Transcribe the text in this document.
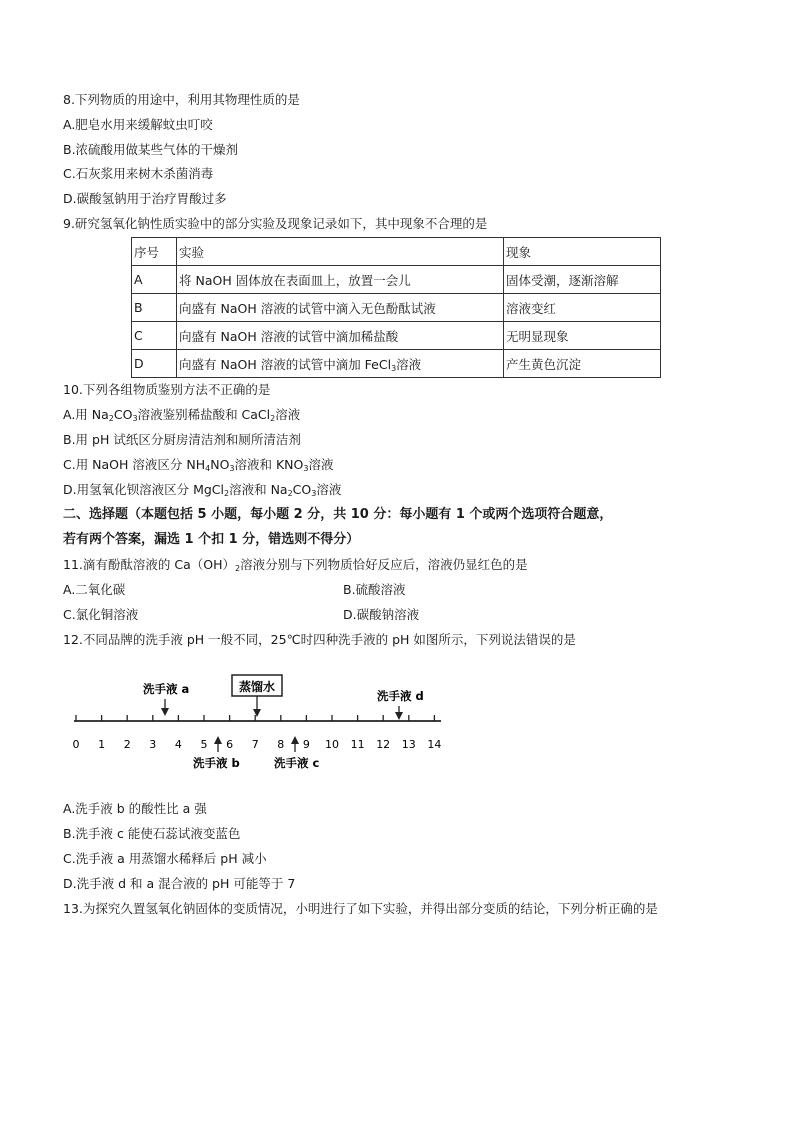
8.下列物质的用途中，利用其物理性质的是
A.肥皂水用来缓解蚊虫叮咬
B.浓硫酸用做某些气体的干燥剂
C.石灰浆用来树木杀菌消毒
D.碳酸氢钠用于治疗胃酸过多
9.研究氢氧化钠性质实验中的部分实验及现象记录如下，其中现象不合理的是
序号	实验	现象
A	将 NaOH 固体放在表面皿上，放置一会儿	固体受潮，逐渐溶解
B	向盛有 NaOH 溶液的试管中滴入无色酚酞试液	溶液变红
C	向盛有 NaOH 溶液的试管中滴加稀盐酸	无明显现象
D	向盛有 NaOH 溶液的试管中滴加 FeCl$_3$溶液	产生黄色沉淀
10.下列各组物质鉴别方法不正确的是
A.用 $Na_2CO_3$溶液鉴别稀盐酸和 CaCl$_2$溶液
B.用 pH 试纸区分厨房清洁剂和厕所清洁剂
C.用 NaOH 溶液区分 $NH_4NO_3$溶液和 $KNO_3$溶液
D.用氢氧化钡溶液区分 MgCl$_2$溶液和 $Na_2CO_3$溶液
二、选择题（本题包括 5 小题，每小题 2 分，共 10 分：每小题有 1 个或两个选项符合题意，
若有两个答案，漏选 1 个扣 1 分，错选则不得分）
11.滴有酚酞溶液的 $Ca(OH)_2$溶液分别与下列物质恰好反应后，溶液仍显红色的是
A.二氧化碳	B.硫酸溶液
C.氯化铜溶液	D.碳酸钠溶液
12.不同品牌的洗手液 pH 一般不同，25℃时四种洗手液的 pH 如图所示，下列说法错误的是
0 1 2 3 4 5 6 7 8 9 10 11 12 13 14
蒸馏水
洗手液 a	洗手液 d
洗手液 b	洗手液 c
A.洗手液 b 的酸性比 a 强
B.洗手液 c 能使石蕊试液变蓝色
C.洗手液 a 用蒸馏水稀释后 pH 减小
D.洗手液 d 和 a 混合液的 pH 可能等于 7
13.为探究久置氢氧化钠固体的变质情况，小明进行了如下实验，并得出部分变质的结论，下列分析正确的是
